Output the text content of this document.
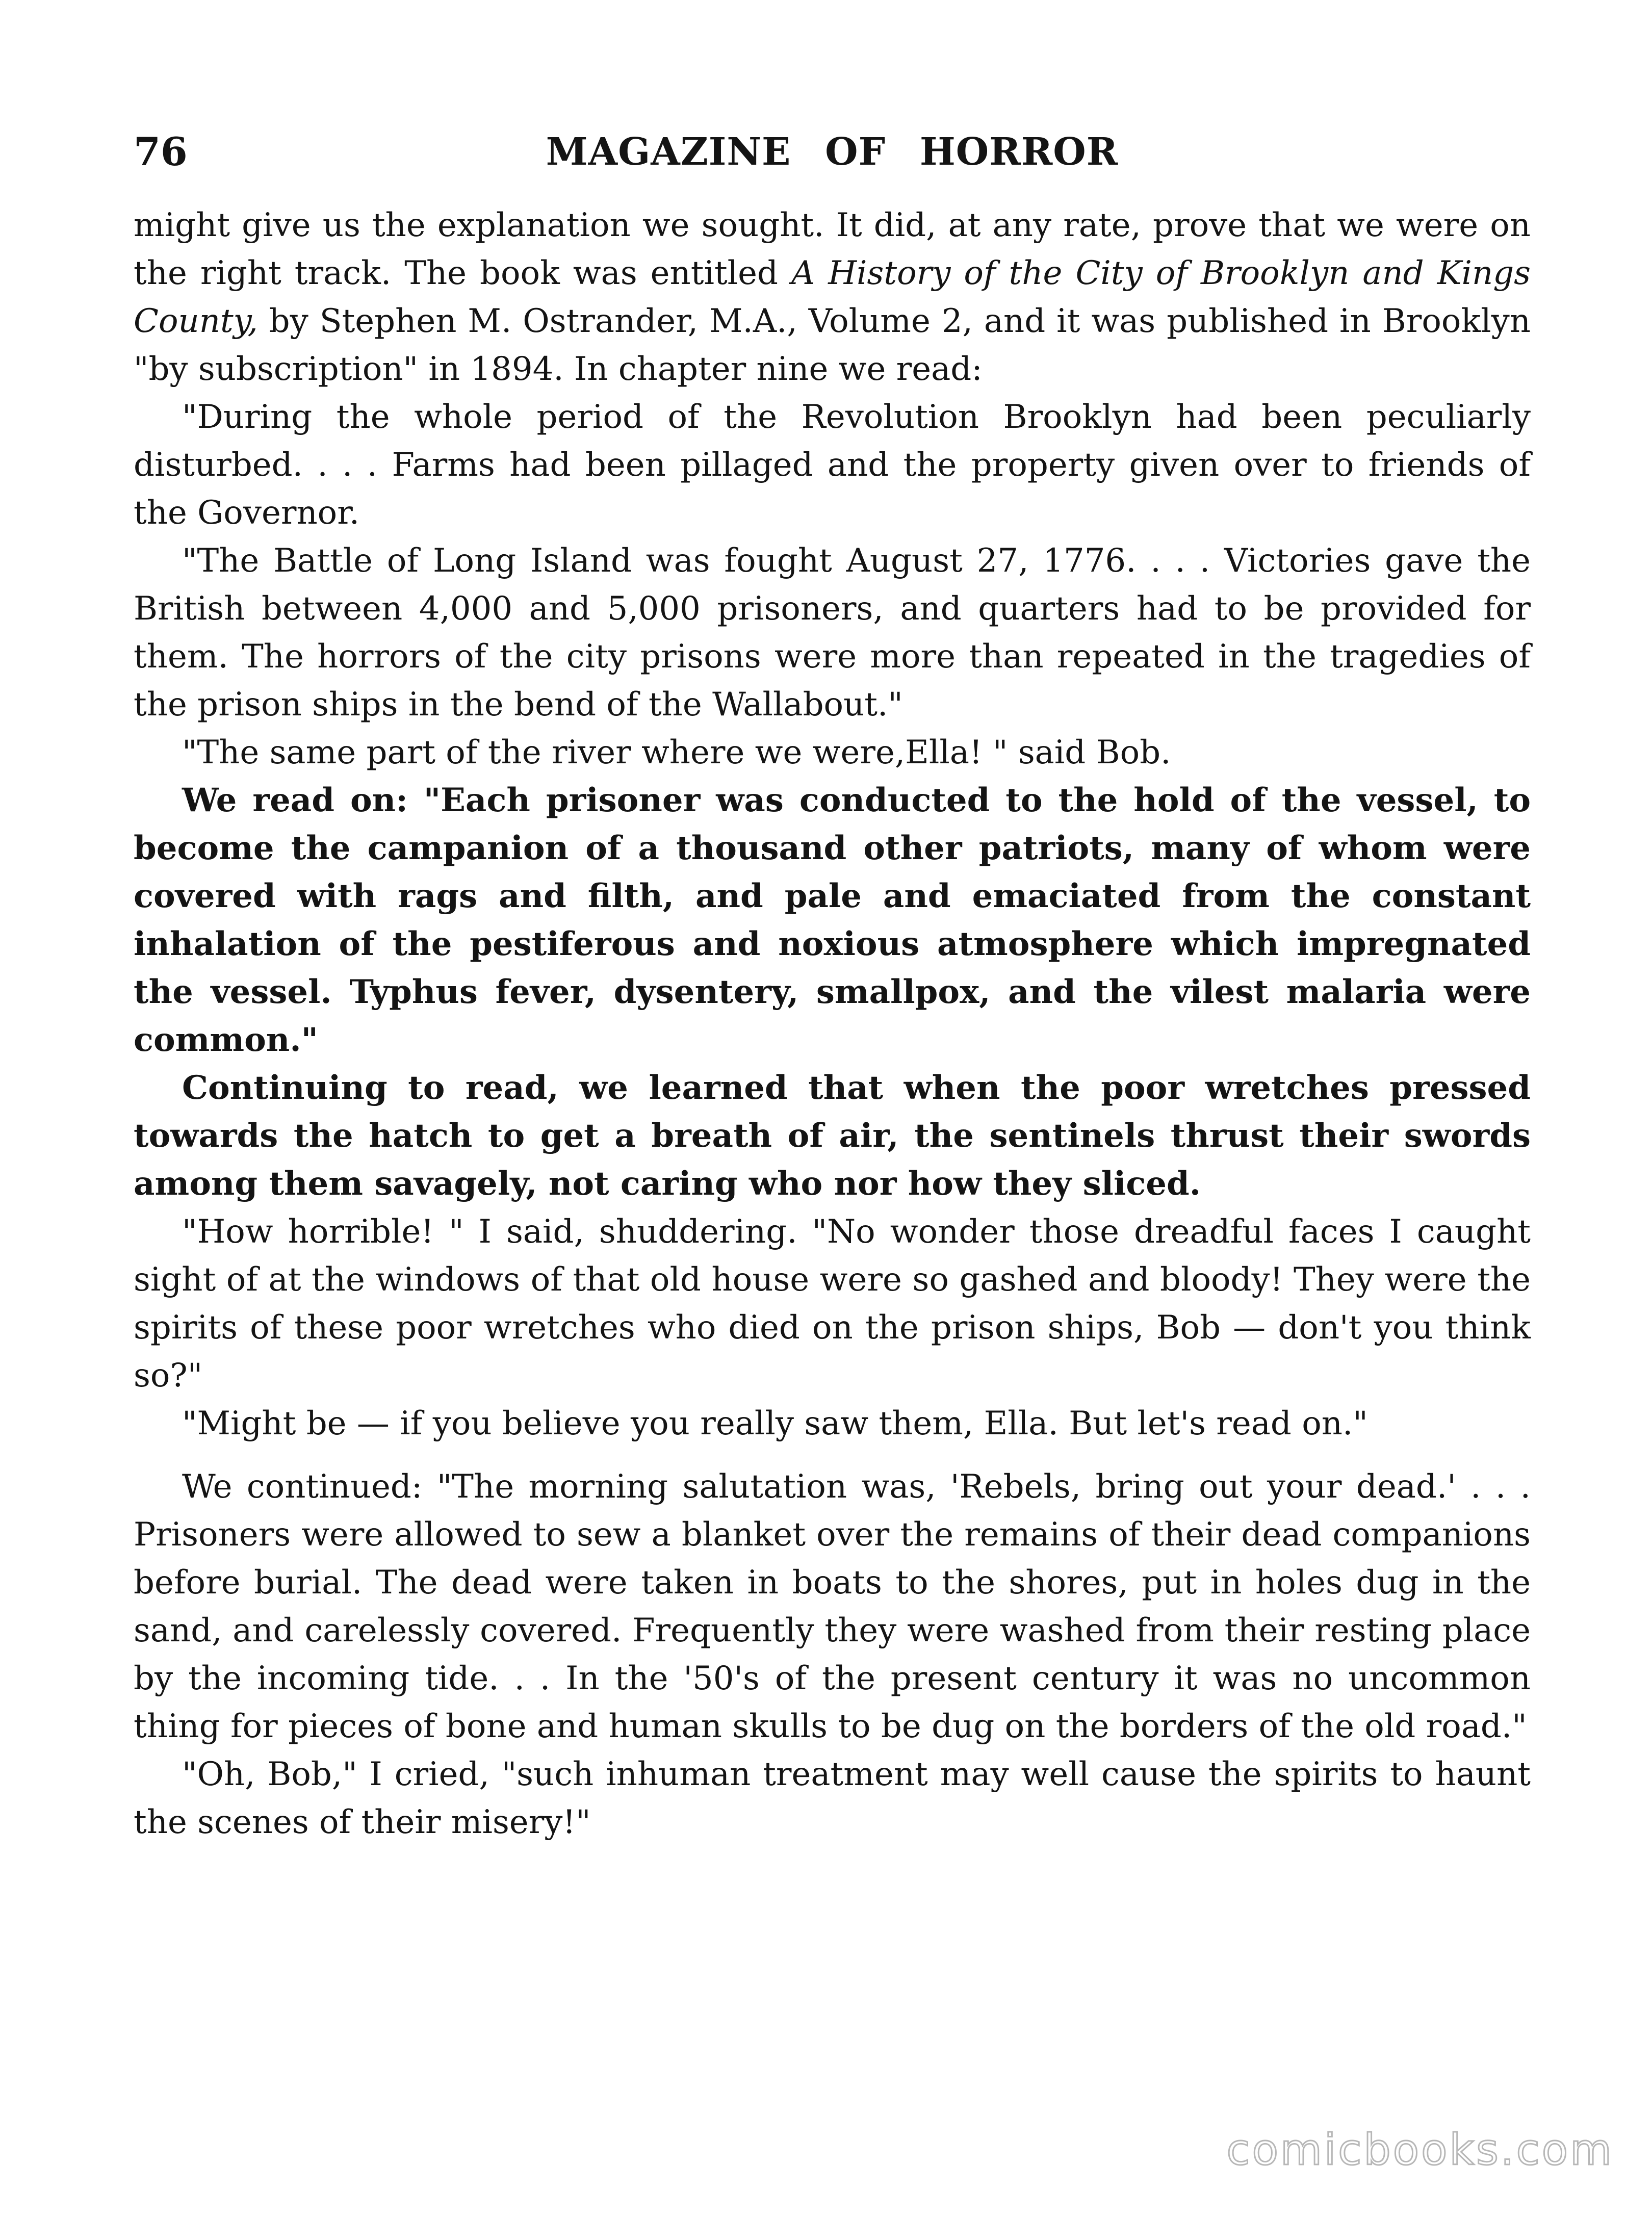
76	MAGAZINE OF HORROR

might give us the explanation we sought. It did, at any rate, prove that we were on the right track. The book was entitled A History of the City of Brooklyn and Kings County, by Stephen M. Ostrander, M.A., Volume 2, and it was published in Brooklyn "by subscription" in 1894. In chapter nine we read:

"During the whole period of the Revolution Brooklyn had been peculiarly disturbed. . . . Farms had been pillaged and the property given over to friends of the Governor.

"The Battle of Long Island was fought August 27, 1776. . . . Victories gave the British between 4,000 and 5,000 prisoners, and quarters had to be provided for them. The horrors of the city prisons were more than repeated in the tragedies of the prison ships in the bend of the Wallabout."

"The same part of the river where we were,Ella! " said Bob.

We read on: "Each prisoner was conducted to the hold of the vessel, to become the campanion of a thousand other patriots, many of whom were covered with rags and filth, and pale and emaciated from the constant inhalation of the pestiferous and noxious atmosphere which impregnated the vessel. Typhus fever, dysentery, smallpox, and the vilest malaria were common."

Continuing to read, we learned that when the poor wretches pressed towards the hatch to get a breath of air, the sentinels thrust their swords among them savagely, not caring who nor how they sliced.

"How horrible! " I said, shuddering. "No wonder those dreadful faces I caught sight of at the windows of that old house were so gashed and bloody! They were the spirits of these poor wretches who died on the prison ships, Bob — don't you think so?"

"Might be — if you believe you really saw them, Ella. But let's read on."

We continued: "The morning salutation was, 'Rebels, bring out your dead.' . . . Prisoners were allowed to sew a blanket over the remains of their dead companions before burial. The dead were taken in boats to the shores, put in holes dug in the sand, and carelessly covered. Frequently they were washed from their resting place by the incoming tide. . . In the '50's of the present century it was no uncommon thing for pieces of bone and human skulls to be dug on the borders of the old road."

"Oh, Bob," I cried, "such inhuman treatment may well cause the spirits to haunt the scenes of their misery!"

comicbooks.com
